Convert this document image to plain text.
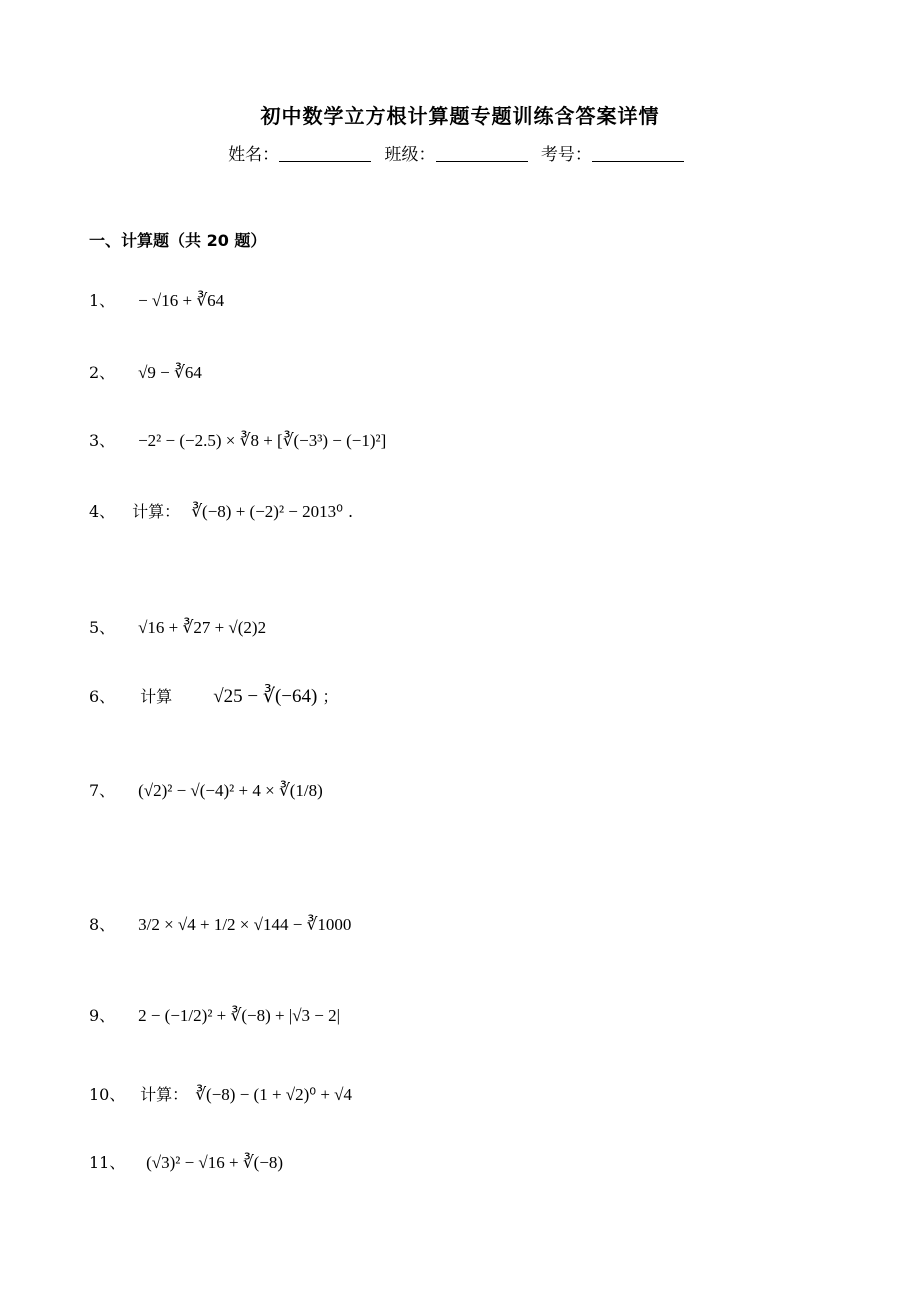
初中数学立方根计算题专题训练含答案详情
姓名：	班级：	考号：
一、计算题（共 20 题）
1、 − √16 + ∛64
2、 √9 − ∛64
3、 −2² − (−2.5) × ∛8 + [∛(−3³) − (−1)²]
4、 计算： ∛(−8) + (−2)² − 2013⁰ .
5、 √16 + ∛27 + √(2)2
6、 计算 √25 − ∛(−64) ；
7、 (√2)² − √(−4)² + 4 × ∛(1/8)
8、 3/2 × √4 + 1/2 × √144 − ∛1000
9、 2 − (−1/2)² + ∛(−8) + |√3 − 2|
10、 计算： ∛(−8) − (1 + √2)⁰ + √4
11、 (√3)² − √16 + ∛(−8)
